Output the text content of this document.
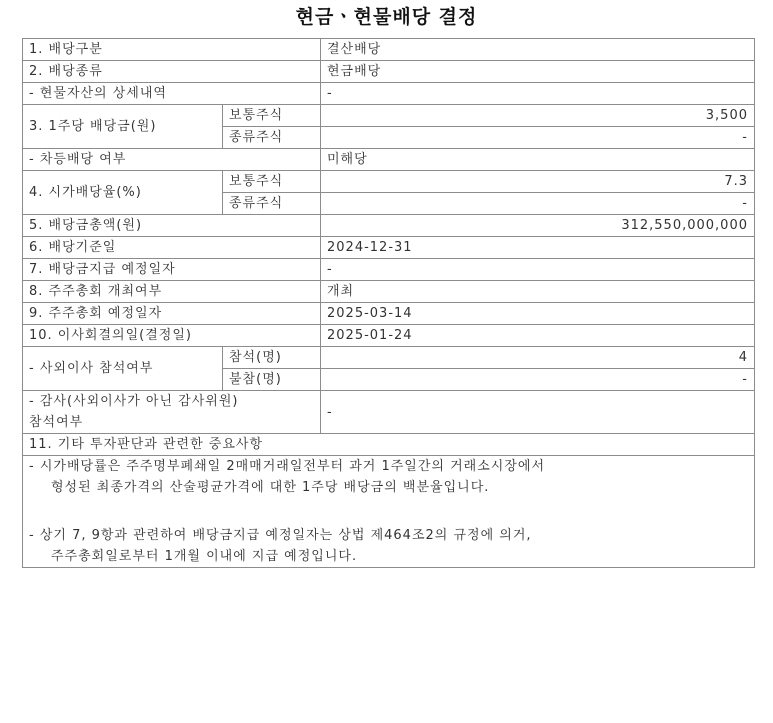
현금ㆍ현물배당 결정
1. 배당구분		결산배당
2. 배당종류		현금배당
- 현물자산의 상세내역		-
3. 1주당 배당금(원)	보통주식	3,500
	종류주식	-
- 차등배당 여부		미해당
4. 시가배당율(%)	보통주식	7.3
	종류주식	-
5. 배당금총액(원)		312,550,000,000
6. 배당기준일		2024-12-31
7. 배당금지급 예정일자		-
8. 주주총회 개최여부		개최
9. 주주총회 예정일자		2025-03-14
10. 이사회결의일(결정일)		2025-01-24
- 사외이사 참석여부	참석(명)	4
	불참(명)	-

- 감사(사외이사가 아닌 감사위원)
참석여부		-
11. 기타 투자판단과 관련한 중요사항		

- 시가배당률은 주주명부폐쇄일 2매매거래일전부터 과거 1주일간의 거래소시장에서
형성된 최종가격의 산술평균가격에 대한 1주당 배당금의 백분율입니다.
- 상기 7, 9항과 관련하여 배당금지급 예정일자는 상법 제464조2의 규정에 의거,
주주총회일로부터 1개월 이내에 지급 예정입니다.		
